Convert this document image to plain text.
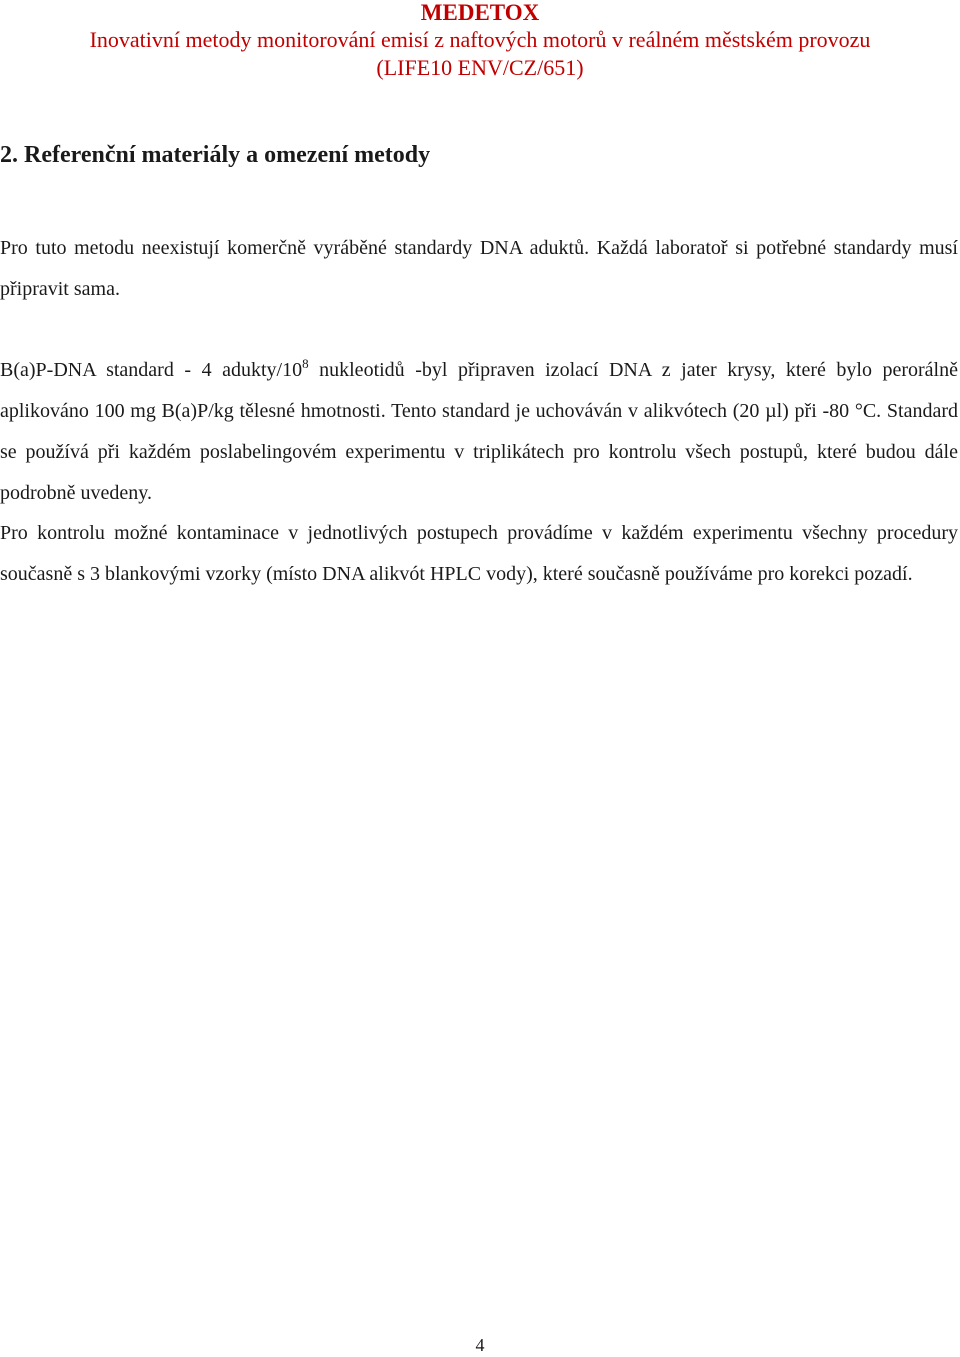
MEDETOX
Inovativní metody monitorování emisí z naftových motorů v reálném městském provozu
(LIFE10 ENV/CZ/651)
2. Referenční materiály a omezení metody

Pro tuto metodu neexistují komerčně vyráběné standardy DNA aduktů. Každá laboratoř si potřebné standardy musí připravit sama.

B(a)P-DNA standard - 4 adukty/$10^8$ nukleotidů -byl připraven izolací DNA z jater krysy, které bylo perorálně aplikováno 100 mg B(a)P/kg tělesné hmotnosti. Tento standard je uchováván v alikvótech (20 µl) při -80 °C. Standard se používá při každém poslabelingovém experimentu v triplikátech pro kontrolu všech postupů, které budou dále podrobně uvedeny.

Pro kontrolu možné kontaminace v jednotlivých postupech provádíme v každém experimentu všechny procedury současně s 3 blankovými vzorky (místo DNA alikvót HPLC vody), které současně používáme pro korekci pozadí.

4
